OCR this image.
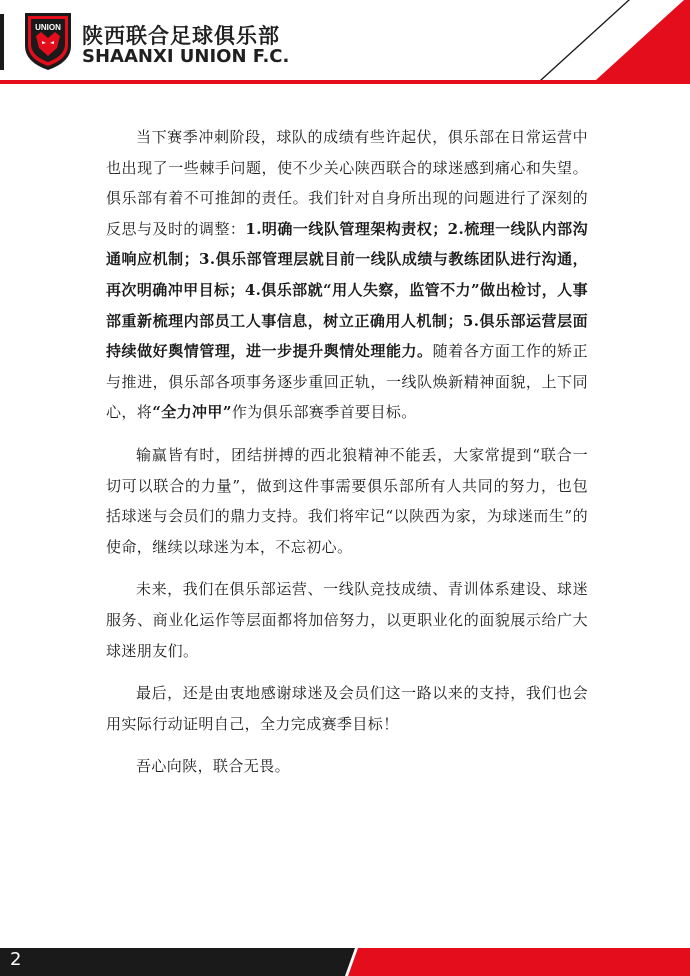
UNION 陕西联合足球俱乐部
SHAANXI UNION F.C.

当下赛季冲刺阶段，球队的成绩有些许起伏，俱乐部在日常运营中也出现了一些棘手问题，使不少关心陕西联合的球迷感到痛心和失望。俱乐部有着不可推卸的责任。我们针对自身所出现的问题进行了深刻的反思与及时的调整：1.明确一线队管理架构责权；2.梳理一线队内部沟通响应机制；3.俱乐部管理层就目前一线队成绩与教练团队进行沟通，再次明确冲甲目标；4.俱乐部就“用人失察，监管不力”做出检讨，人事部重新梳理内部员工人事信息，树立正确用人机制；5.俱乐部运营层面持续做好舆情管理，进一步提升舆情处理能力。随着各方面工作的矫正与推进，俱乐部各项事务逐步重回正轨，一线队焕新精神面貌，上下同心，将“全力冲甲”作为俱乐部赛季首要目标。

输赢皆有时，团结拼搏的西北狼精神不能丢，大家常提到“联合一切可以联合的力量”，做到这件事需要俱乐部所有人共同的努力，也包括球迷与会员们的鼎力支持。我们将牢记“以陕西为家，为球迷而生”的使命，继续以球迷为本，不忘初心。

未来，我们在俱乐部运营、一线队竞技成绩、青训体系建设、球迷服务、商业化运作等层面都将加倍努力，以更职业化的面貌展示给广大球迷朋友们。

最后，还是由衷地感谢球迷及会员们这一路以来的支持，我们也会用实际行动证明自己，全力完成赛季目标！

吾心向陕，联合无畏。

2
